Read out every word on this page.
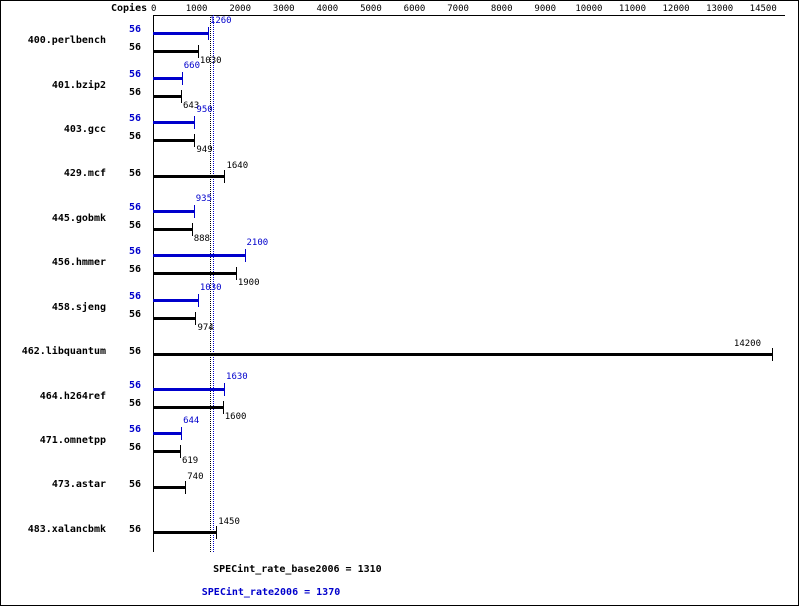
0	1000 2000 3000 4000 5000 6000 7000 8000 9000 10000 11000 12000 13000 14500
Copies
400.perlbench
56
1260
56
1030
401.bzip2
56
660
56
643
403.gcc
56
950
56
949
429.mcf 56
1640
445.gobmk
56
935
56
888
456.hmmer
56
2100
56
1900
458.sjeng
56
1030
56
974
462.libquantum 56
14200
464.h264ref
56
1630
56
1600
471.omnetpp
56
644
56
619
473.astar 56
740
483.xalancbmk 56
1450
SPECint_rate_base2006 = 1310
SPECint_rate2006 = 1370
